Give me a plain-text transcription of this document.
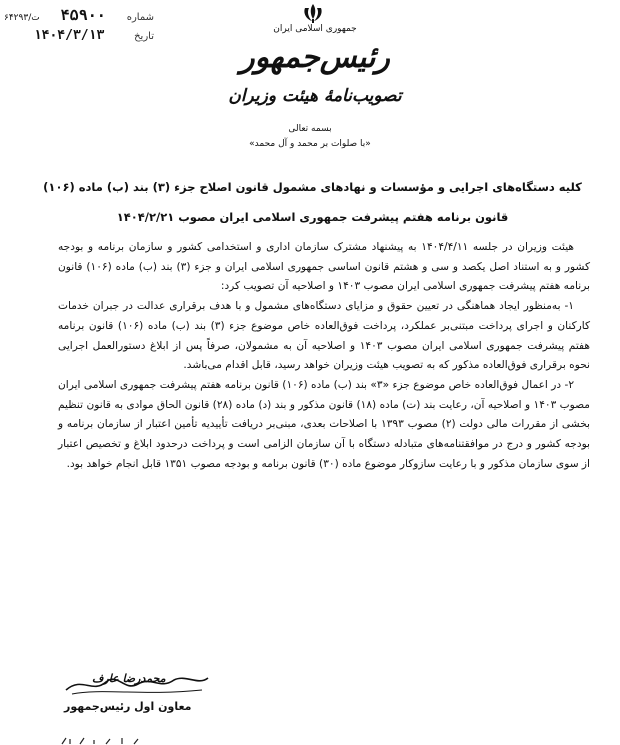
شماره
۴۵۹۰۰
ت/۶۴۲۹۳
تاریخ
۱۴۰۴/۳/۱۳	جمهوری اسلامی ایران
رئیس‌جمهور
تصویب‌نامهٔ هیئت وزیران
بسمه تعالی
«با صلوات بر محمد و آل محمد»
کلیه دستگاه‌های اجرایی و مؤسسات و نهادهای مشمول قانون اصلاح جزء (۳) بند (ب) ماده (۱۰۶) قانون برنامه هفتم پیشرفت جمهوری اسلامی ایران مصوب ۱۴۰۴/۲/۲۱

هیئت وزیران در جلسه ۱۴۰۴/۴/۱۱ به پیشنهاد مشترک سازمان اداری و استخدامی کشور و سازمان برنامه و بودجه کشور و به استناد اصل یکصد و سی و هشتم قانون اساسی جمهوری اسلامی ایران و جزء (۳) بند (ب) ماده (۱۰۶) قانون برنامه هفتم پیشرفت جمهوری اسلامی ایران مصوب ۱۴۰۳ و اصلاحیه آن تصویب کرد:

۱- به‌منظور ایجاد هماهنگی در تعیین حقوق و مزایای دستگاه‌های مشمول و با هدف برقراری عدالت در جبران خدمات کارکنان و اجرای پرداخت مبتنی‌بر عملکرد، پرداخت فوق‌العاده خاص موضوع جزء (۳) بند (ب) ماده (۱۰۶) قانون برنامه هفتم پیشرفت جمهوری اسلامی ایران مصوب ۱۴۰۳ و اصلاحیه آن به مشمولان، صرفاً پس از ابلاغ دستورالعمل اجرایی نحوه برقراری فوق‌العاده مذکور که به تصویب هیئت وزیران خواهد رسید، قابل اقدام می‌باشد.

۲- در اعمال فوق‌العاده خاص موضوع جزء «۳» بند (ب) ماده (۱۰۶) قانون برنامه هفتم پیشرفت جمهوری اسلامی ایران مصوب ۱۴۰۳ و اصلاحیه آن، رعایت بند (ت) ماده (۱۸) قانون مذکور و بند (د) ماده (۲۸) قانون الحاق موادی به قانون تنظیم بخشی از مقررات مالی دولت (۲) مصوب ۱۳۹۳ با اصلاحات بعدی، مبنی‌بر دریافت تأییدیه تأمین اعتبار از سازمان برنامه و بودجه کشور و درج در موافقتنامه‌های متبادله دستگاه با آن سازمان الزامی است و پرداخت درحدود ابلاغ و تخصیص اعتبار از سوی سازمان مذکور و با رعایت سازوکار موضوع ماده (۳۰) قانون برنامه و بودجه مصوب ۱۳۵۱ قابل انجام خواهد بود.

محمدرضا عارف
معاون اول رئیس‌جمهور
